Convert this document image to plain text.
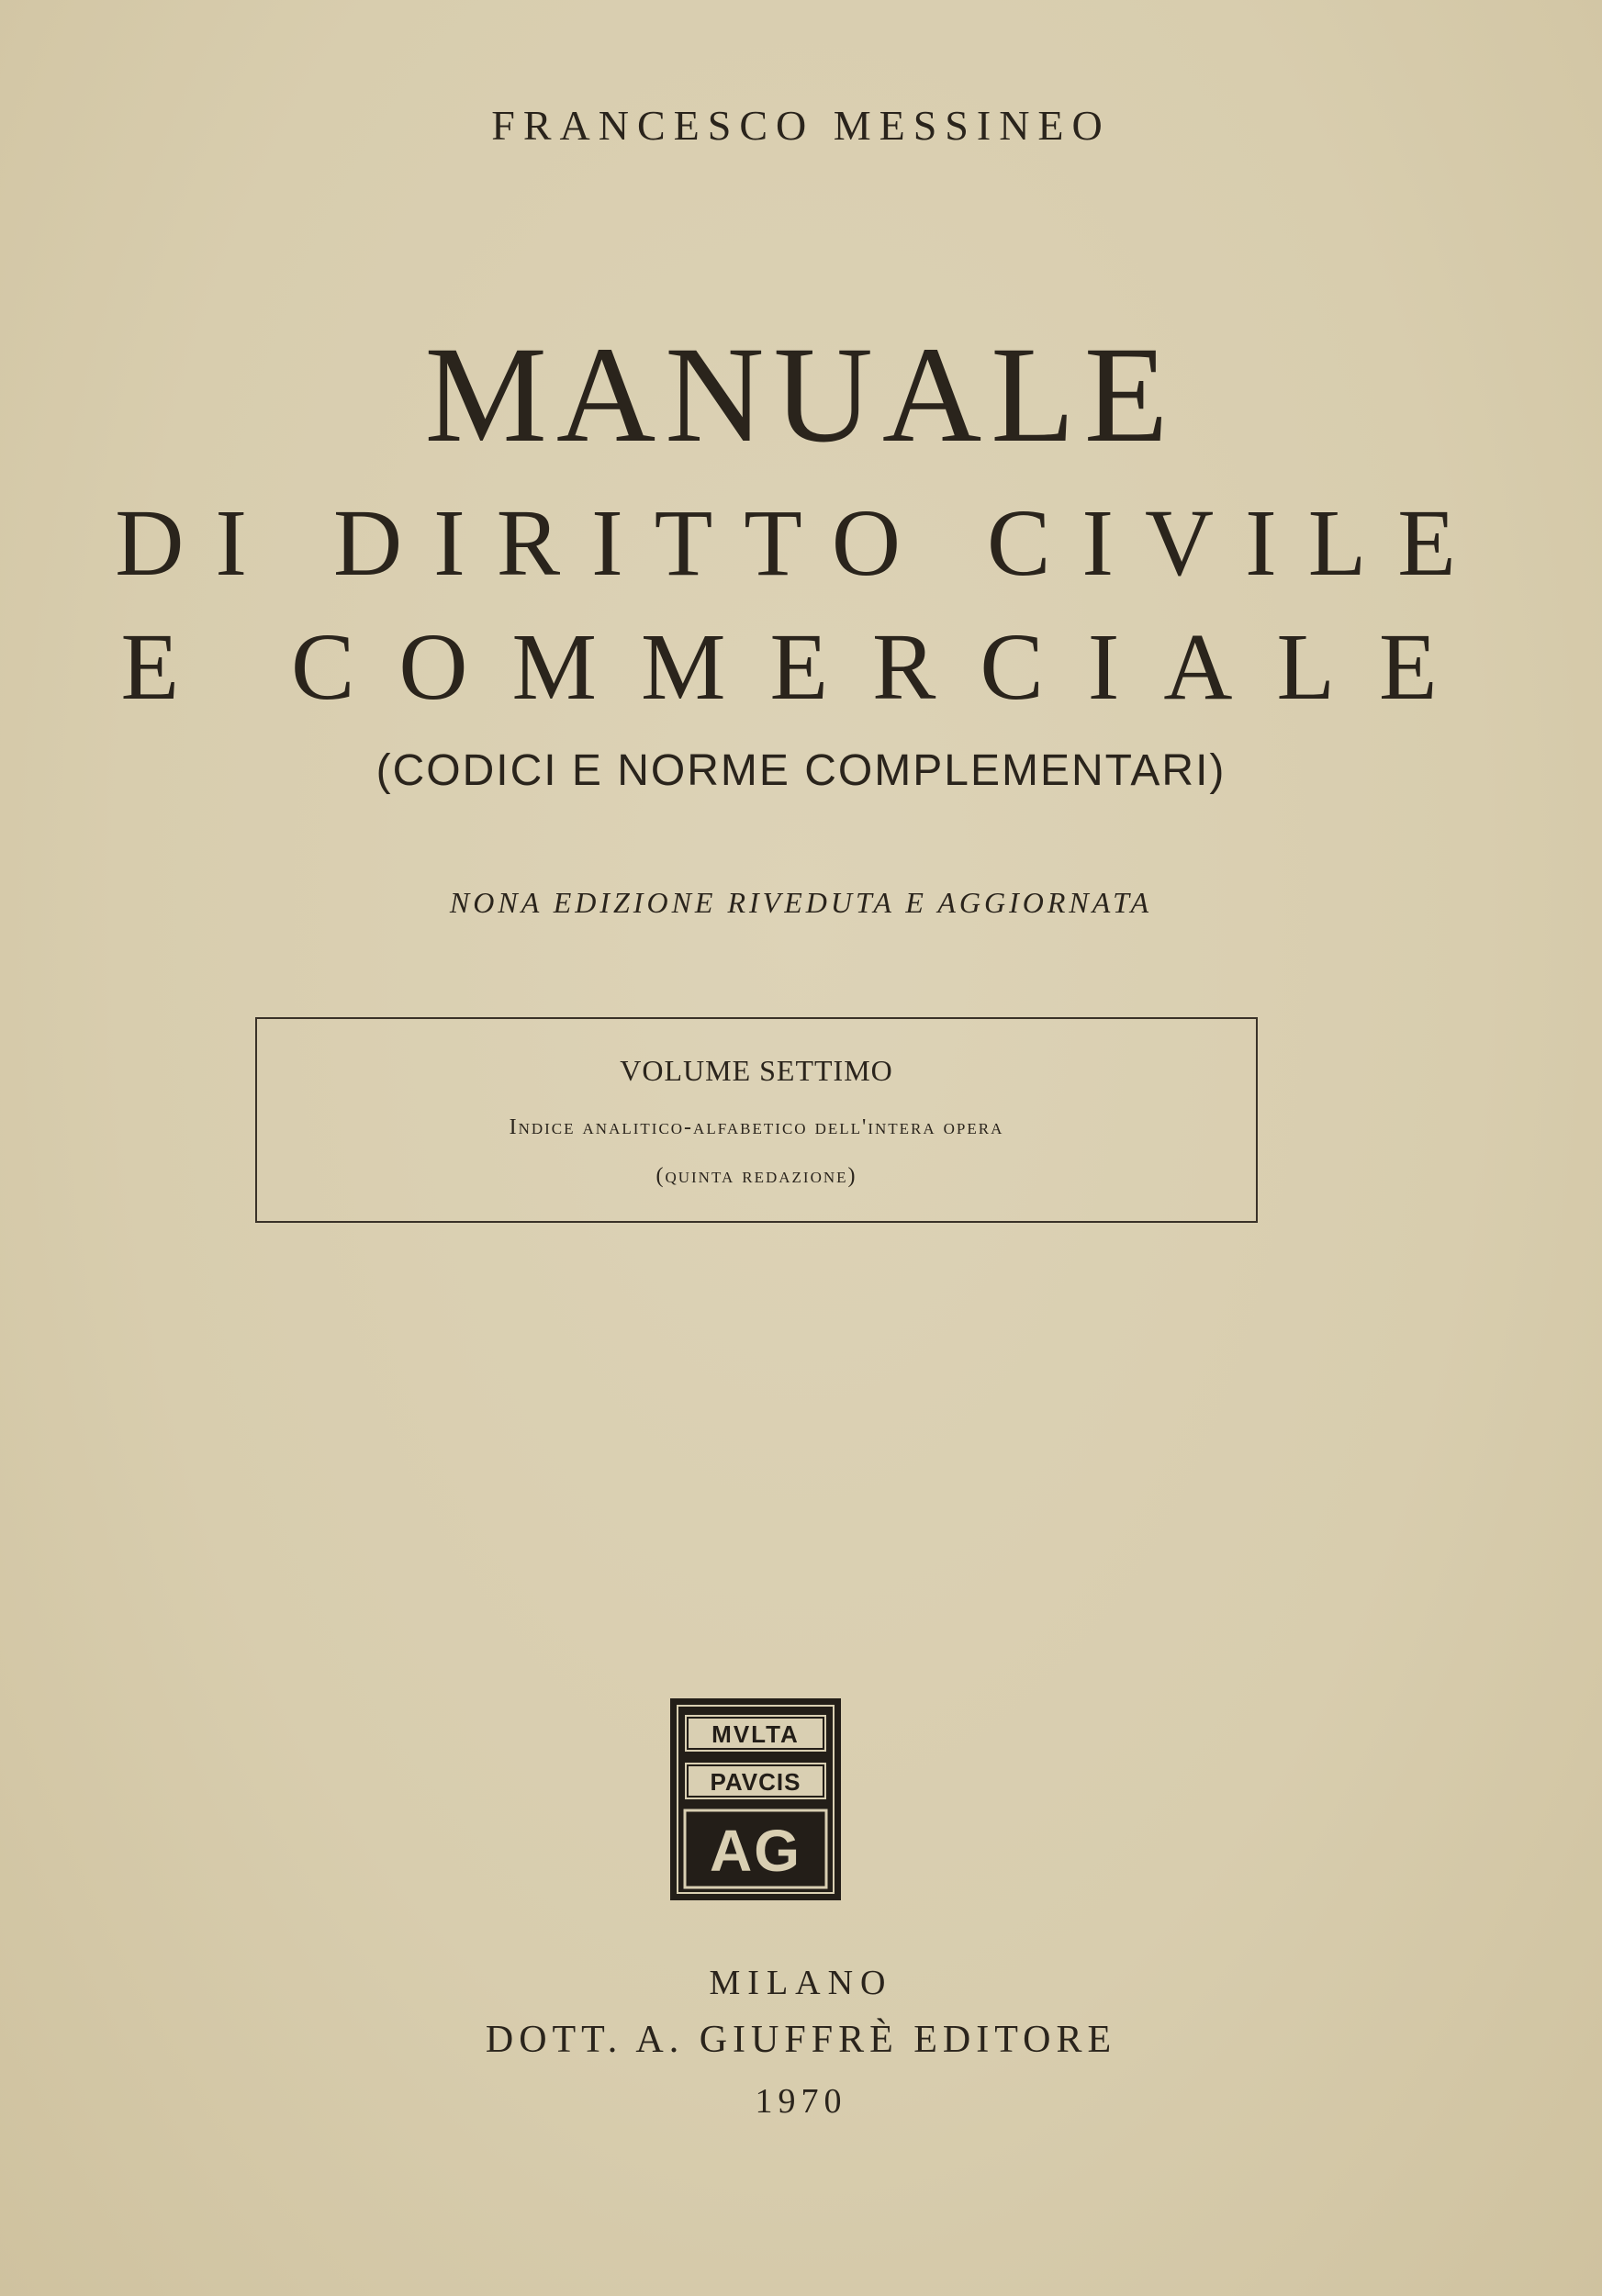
FRANCESCO MESSINEO
MANUALE
DI DIRITTO CIVILE
E COMMERCIALE
(CODICI E NORME COMPLEMENTARI)
NONA EDIZIONE RIVEDUTA E AGGIORNATA
VOLUME SETTIMO
Indice analitico-alfabetico dell'intera opera
(quinta redazione)
MVLTA
PAVCIS
AG
MILANO
DOTT. A. GIUFFRÈ EDITORE
1970
